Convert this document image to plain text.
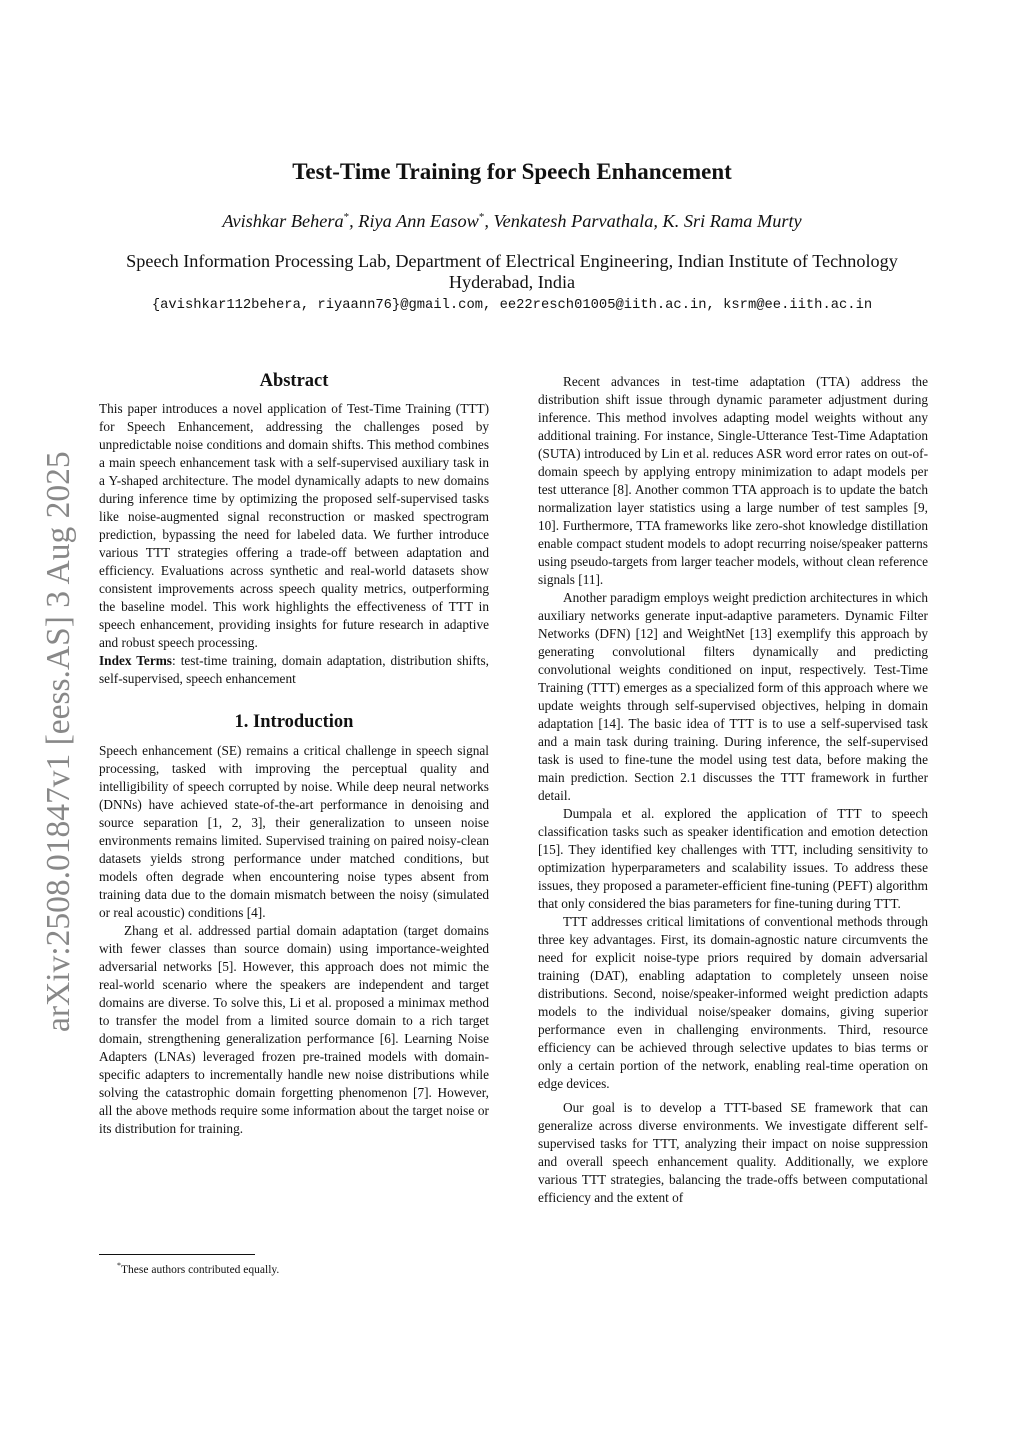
arXiv:2508.01847v1 [eess.AS] 3 Aug 2025
Test-Time Training for Speech Enhancement
Avishkar Behera*, Riya Ann Easow*, Venkatesh Parvathala, K. Sri Rama Murty
Speech Information Processing Lab, Department of Electrical Engineering, Indian Institute of Technology Hyderabad, India
{avishkar112behera, riyaann76}@gmail.com, ee22resch01005@iith.ac.in, ksrm@ee.iith.ac.in
Abstract

This paper introduces a novel application of Test-Time Training (TTT) for Speech Enhancement, addressing the challenges posed by unpredictable noise conditions and domain shifts. This method combines a main speech enhancement task with a self-supervised auxiliary task in a Y-shaped architecture. The model dynamically adapts to new domains during inference time by optimizing the proposed self-supervised tasks like noise-augmented signal reconstruction or masked spectrogram prediction, bypassing the need for labeled data. We further introduce various TTT strategies offering a trade-off between adaptation and efficiency. Evaluations across synthetic and real-world datasets show consistent improvements across speech quality metrics, outperforming the baseline model. This work highlights the effectiveness of TTT in speech enhancement, providing insights for future research in adaptive and robust speech processing.

Index Terms: test-time training, domain adaptation, distribution shifts, self-supervised, speech enhancement

1. Introduction

Speech enhancement (SE) remains a critical challenge in speech signal processing, tasked with improving the perceptual quality and intelligibility of speech corrupted by noise. While deep neural networks (DNNs) have achieved state-of-the-art performance in denoising and source separation [1, 2, 3], their generalization to unseen noise environments remains limited. Supervised training on paired noisy-clean datasets yields strong performance under matched conditions, but models often degrade when encountering noise types absent from training data due to the domain mismatch between the noisy (simulated or real acoustic) conditions [4].

Zhang et al. addressed partial domain adaptation (target domains with fewer classes than source domain) using importance-weighted adversarial networks [5]. However, this approach does not mimic the real-world scenario where the speakers are independent and target domains are diverse. To solve this, Li et al. proposed a minimax method to transfer the model from a limited source domain to a rich target domain, strengthening generalization performance [6]. Learning Noise Adapters (LNAs) leveraged frozen pre-trained models with domain-specific adapters to incrementally handle new noise distributions while solving the catastrophic domain forgetting phenomenon [7]. However, all the above methods require some information about the target noise or its distribution for training.

Recent advances in test-time adaptation (TTA) address the distribution shift issue through dynamic parameter adjustment during inference. This method involves adapting model weights without any additional training. For instance, Single-Utterance Test-Time Adaptation (SUTA) introduced by Lin et al. reduces ASR word error rates on out-of-domain speech by applying entropy minimization to adapt models per test utterance [8]. Another common TTA approach is to update the batch normalization layer statistics using a large number of test samples [9, 10]. Furthermore, TTA frameworks like zero-shot knowledge distillation enable compact student models to adopt recurring noise/speaker patterns using pseudo-targets from larger teacher models, without clean reference signals [11].

Another paradigm employs weight prediction architectures in which auxiliary networks generate input-adaptive parameters. Dynamic Filter Networks (DFN) [12] and WeightNet [13] exemplify this approach by generating convolutional filters dynamically and predicting convolutional weights conditioned on input, respectively. Test-Time Training (TTT) emerges as a specialized form of this approach where we update weights through self-supervised objectives, helping in domain adaptation [14]. The basic idea of TTT is to use a self-supervised task and a main task during training. During inference, the self-supervised task is used to fine-tune the model using test data, before making the main prediction. Section 2.1 discusses the TTT framework in further detail.

Dumpala et al. explored the application of TTT to speech classification tasks such as speaker identification and emotion detection [15]. They identified key challenges with TTT, including sensitivity to optimization hyperparameters and scalability issues. To address these issues, they proposed a parameter-efficient fine-tuning (PEFT) algorithm that only considered the bias parameters for fine-tuning during TTT.

TTT addresses critical limitations of conventional methods through three key advantages. First, its domain-agnostic nature circumvents the need for explicit noise-type priors required by domain adversarial training (DAT), enabling adaptation to completely unseen noise distributions. Second, noise/speaker-informed weight prediction adapts models to the individual noise/speaker domains, giving superior performance even in challenging environments. Third, resource efficiency can be achieved through selective updates to bias terms or only a certain portion of the network, enabling real-time operation on edge devices.

Our goal is to develop a TTT-based SE framework that can generalize across diverse environments. We investigate different self-supervised tasks for TTT, analyzing their impact on noise suppression and overall speech enhancement quality. Additionally, we explore various TTT strategies, balancing the trade-offs between computational efficiency and the extent of

*These authors contributed equally.
